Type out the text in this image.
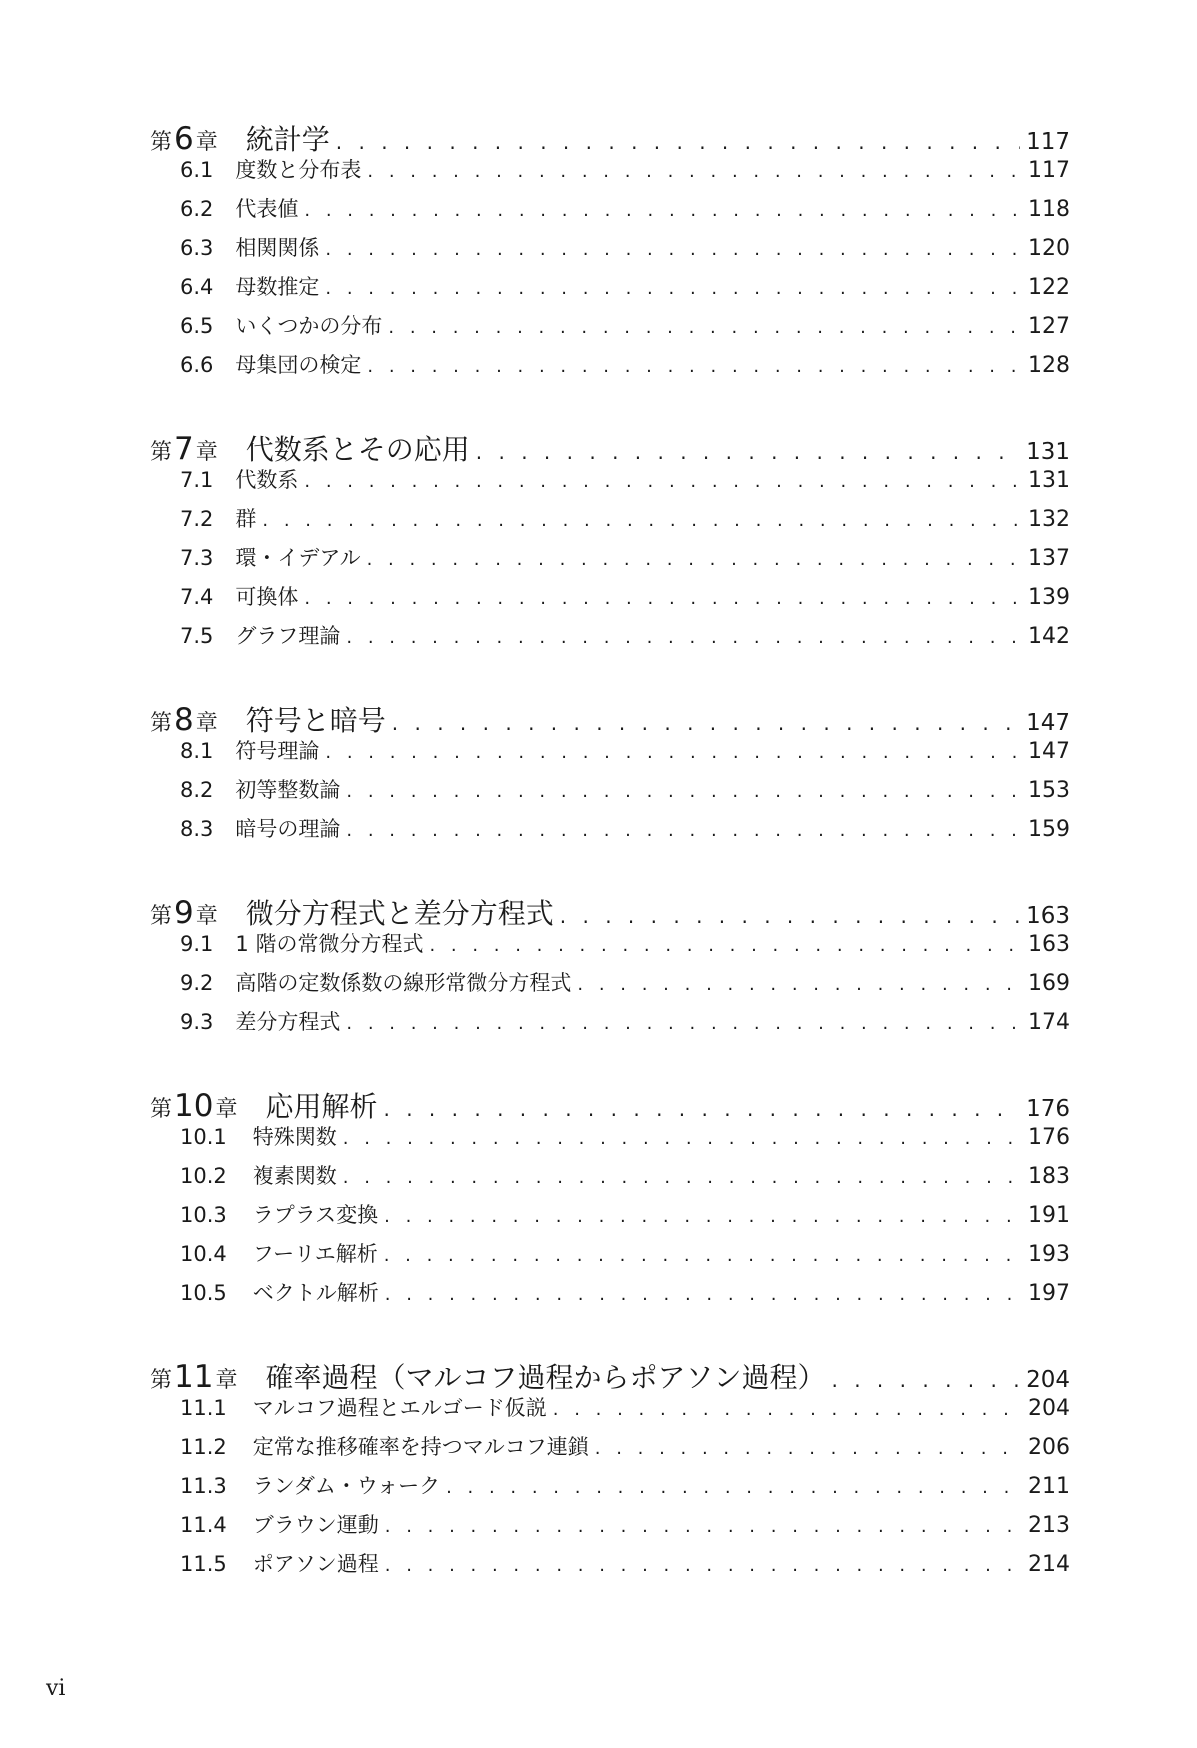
第 6 章 統計学 . . .	117
6.1 度数と分布表 . . .	117
6.2 代表値 . . .	118
6.3 相関関係 . . .	120
6.4 母数推定 . . .	122
6.5 いくつかの分布 . . .	127
6.6 母集団の検定 . . .	128
第 7 章 代数系とその応用 . . .	131
7.1 代数系 . . .	131
7.2 群 . . .	132
7.3 環・イデアル . . .	137
7.4 可換体 . . .	139
7.5 グラフ理論 . . .	142
第 8 章 符号と暗号 . . .	147
8.1 符号理論 . . .	147
8.2 初等整数論 . . .	153
8.3 暗号の理論 . . .	159
第 9 章 微分方程式と差分方程式 . . .	163
9.1 1 階の常微分方程式 . . .	163
9.2 高階の定数係数の線形常微分方程式 . . .	169
9.3 差分方程式 . . .	174
第 10 章 応用解析 . . .	176
10.1 特殊関数 . . .	176
10.2 複素関数 . . .	183
10.3 ラプラス変換 . . .	191
10.4 フーリエ解析 . . .	193
10.5 ベクトル解析 . . .	197
第 11 章 確率過程（マルコフ過程からポアソン過程） . . .	204
11.1 マルコフ過程とエルゴード仮説 . . .	204
11.2 定常な推移確率を持つマルコフ連鎖 . . .	206
11.3 ランダム・ウォーク . . .	211
11.4 ブラウン運動 . . .	213
11.5 ポアソン過程 . . .	214
vi
